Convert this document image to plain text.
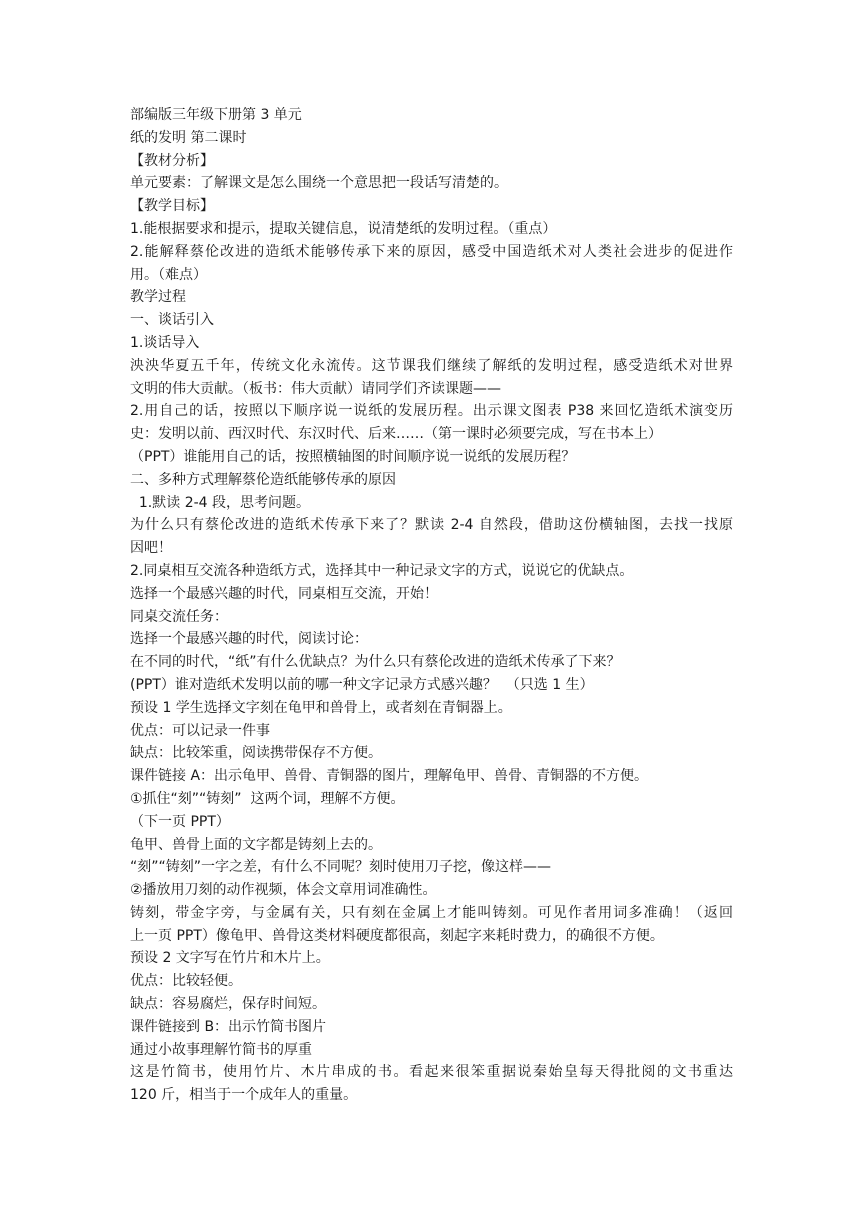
部编版三年级下册第 3 单元
纸的发明 第二课时
【教材分析】
单元要素：了解课文是怎么围绕一个意思把一段话写清楚的。
【教学目标】
1.能根据要求和提示，提取关键信息，说清楚纸的发明过程。（重点）
2.能解释蔡伦改进的造纸术能够传承下来的原因，感受中国造纸术对人类社会进步的促进作
用。（难点）
教学过程
一、谈话引入
1.谈话导入
泱泱华夏五千年，传统文化永流传。这节课我们继续了解纸的发明过程，感受造纸术对世界
文明的伟大贡献。（板书：伟大贡献）请同学们齐读课题——
2.用自己的话，按照以下顺序说一说纸的发展历程。出示课文图表 P38 来回忆造纸术演变历
史：发明以前、西汉时代、东汉时代、后来……（第一课时必须要完成，写在书本上）
（PPT）谁能用自己的话，按照横轴图的时间顺序说一说纸的发展历程？
二、多种方式理解蔡伦造纸能够传承的原因
1.默读 2-4 段，思考问题。
为什么只有蔡伦改进的造纸术传承下来了？默读 2-4 自然段，借助这份横轴图，去找一找原
因吧！
2.同桌相互交流各种造纸方式，选择其中一种记录文字的方式，说说它的优缺点。
选择一个最感兴趣的时代，同桌相互交流，开始！
同桌交流任务：
选择一个最感兴趣的时代，阅读讨论：
在不同的时代，“纸”有什么优缺点？为什么只有蔡伦改进的造纸术传承了下来？
(PPT）谁对造纸术发明以前的哪一种文字记录方式感兴趣？  （只选 1 生）
预设 1 学生选择文字刻在龟甲和兽骨上，或者刻在青铜器上。
优点：可以记录一件事
缺点：比较笨重，阅读携带保存不方便。
课件链接 A：出示龟甲、兽骨、青铜器的图片，理解龟甲、兽骨、青铜器的不方便。
①抓住“刻”“铸刻”  这两个词，理解不方便。
（下一页 PPT）
龟甲、兽骨上面的文字都是铸刻上去的。
“刻”“铸刻”一字之差，有什么不同呢？刻时使用刀子挖，像这样——
②播放用刀刻的动作视频，体会文章用词准确性。
铸刻，带金字旁，与金属有关，只有刻在金属上才能叫铸刻。可见作者用词多准确！（返回
上一页 PPT）像龟甲、兽骨这类材料硬度都很高，刻起字来耗时费力，的确很不方便。
预设 2 文字写在竹片和木片上。
优点：比较轻便。
缺点：容易腐烂，保存时间短。
课件链接到 B：出示竹简书图片
通过小故事理解竹简书的厚重
这是竹简书，使用竹片、木片串成的书。看起来很笨重据说秦始皇每天得批阅的文书重达
120 斤，相当于一个成年人的重量。
